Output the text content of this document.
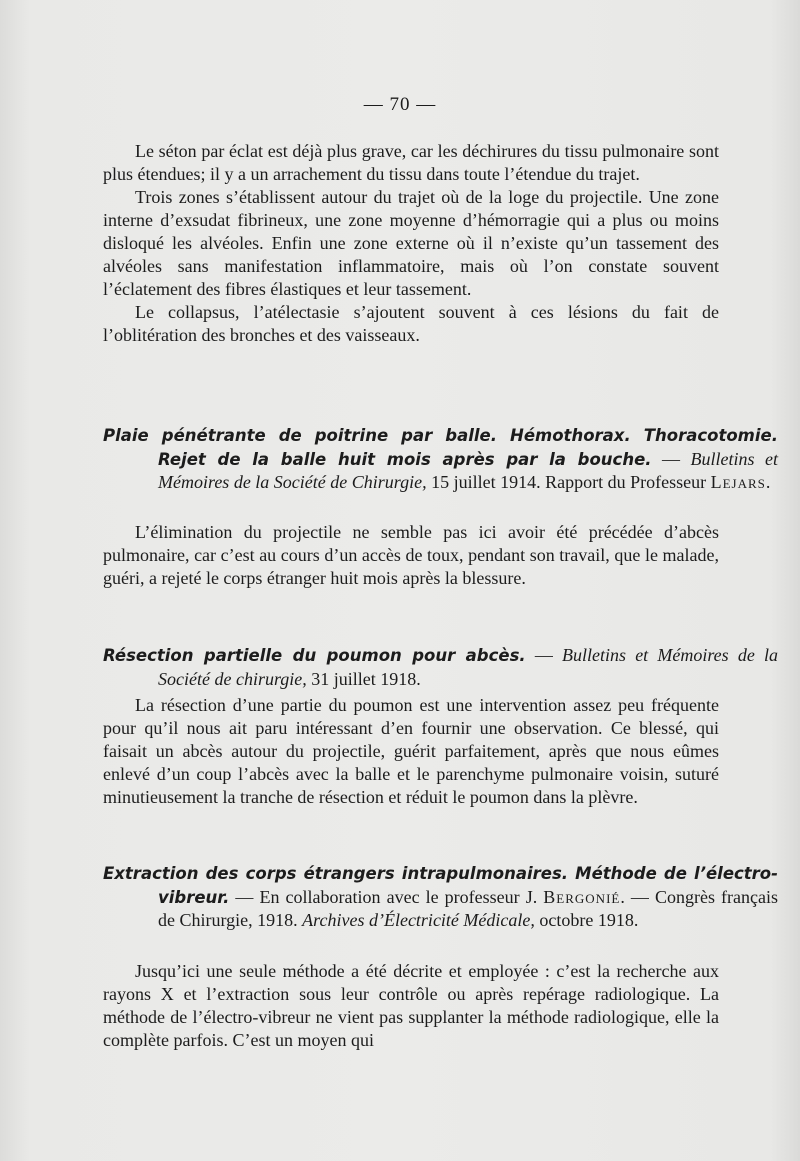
— 70 —

Le séton par éclat est déjà plus grave, car les déchirures du tissu pulmonaire sont plus étendues; il y a un arrachement du tissu dans toute l’étendue du trajet.

Trois zones s’établissent autour du trajet où de la loge du projectile. Une zone interne d’exsudat fibrineux, une zone moyenne d’hémorragie qui a plus ou moins disloqué les alvéoles. Enfin une zone externe où il n’existe qu’un tassement des alvéoles sans manifestation inflammatoire, mais où l’on constate souvent l’éclatement des fibres élastiques et leur tassement.

Le collapsus, l’atélectasie s’ajoutent souvent à ces lésions du fait de l’oblitération des bronches et des vaisseaux.

Plaie pénétrante de poitrine par balle. Hémothorax. Thoracotomie. Rejet de la balle huit mois après par la bouche. — Bulletins et Mémoires de la Société de Chirurgie, 15 juillet 1914. Rapport du Professeur Lejars.

L’élimination du projectile ne semble pas ici avoir été précédée d’abcès pulmonaire, car c’est au cours d’un accès de toux, pendant son travail, que le malade, guéri, a rejeté le corps étranger huit mois après la blessure.

Résection partielle du poumon pour abcès. — Bulletins et Mémoires de la Société de chirurgie, 31 juillet 1918.

La résection d’une partie du poumon est une intervention assez peu fréquente pour qu’il nous ait paru intéressant d’en fournir une observation. Ce blessé, qui faisait un abcès autour du projectile, guérit parfaitement, après que nous eûmes enlevé d’un coup l’abcès avec la balle et le parenchyme pulmonaire voisin, suturé minutieusement la tranche de résection et réduit le poumon dans la plèvre.

Extraction des corps étrangers intrapulmonaires. Méthode de l’électro-vibreur. — En collaboration avec le professeur J. Bergonié. — Congrès français de Chirurgie, 1918. Archives d’Électricité Médicale, octobre 1918.

Jusqu’ici une seule méthode a été décrite et employée : c’est la recherche aux rayons X et l’extraction sous leur contrôle ou après repérage radiologique. La méthode de l’électro-vibreur ne vient pas supplanter la méthode radiologique, elle la complète parfois. C’est un moyen qui
